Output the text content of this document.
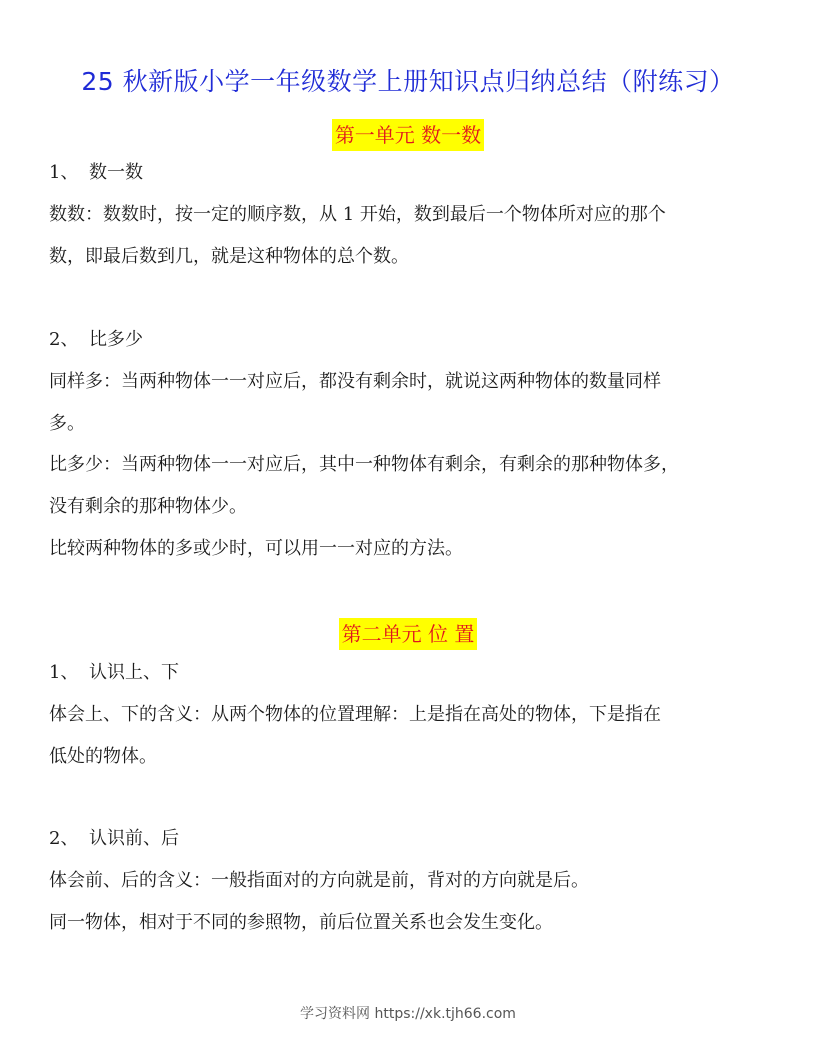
25 秋新版小学一年级数学上册知识点归纳总结（附练习）
第一单元 数一数
1、 数一数
数数：数数时，按一定的顺序数，从 1 开始，数到最后一个物体所对应的那个
数，即最后数到几，就是这种物体的总个数。
2、 比多少
同样多：当两种物体一一对应后，都没有剩余时，就说这两种物体的数量同样
多。
比多少：当两种物体一一对应后，其中一种物体有剩余，有剩余的那种物体多，
没有剩余的那种物体少。
比较两种物体的多或少时，可以用一一对应的方法。
第二单元 位 置
1、 认识上、下
体会上、下的含义：从两个物体的位置理解：上是指在高处的物体，下是指在
低处的物体。
2、 认识前、后
体会前、后的含义：一般指面对的方向就是前，背对的方向就是后。
同一物体，相对于不同的参照物，前后位置关系也会发生变化。
学习资料网 https://xk.tjh66.com
